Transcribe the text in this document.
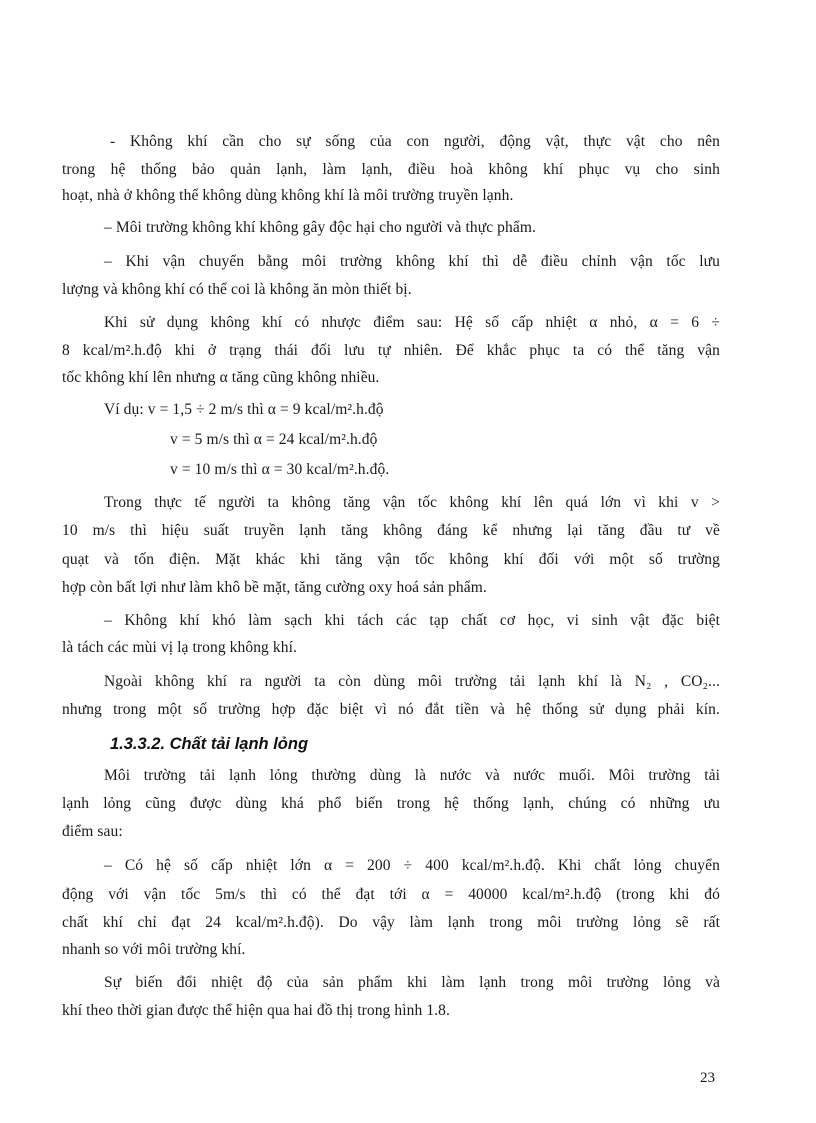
- Không khí cần cho sự sống của con người, động vật, thực vật cho nên
trong hệ thống bảo quản lạnh, làm lạnh, điều hoà không khí phục vụ cho sinh
hoạt, nhà ở không thể không dùng không khí là môi trường truyền lạnh.
– Môi trường không khí không gây độc hại cho người và thực phẩm.
– Khi vận chuyển bằng môi trường không khí thì dễ điều chỉnh vận tốc lưu
lượng và không khí có thể coi là không ăn mòn thiết bị.
Khi sử dụng không khí có nhược điểm sau: Hệ số cấp nhiệt α nhỏ, α = 6 ÷
8 kcal/m².h.độ khi ở trạng thái đối lưu tự nhiên. Để khắc phục ta có thể tăng vận
tốc không khí lên nhưng α tăng cũng không nhiều.
Ví dụ: v = 1,5 ÷ 2 m/s thì α = 9 kcal/m².h.độ
v = 5 m/s thì α = 24 kcal/m².h.độ
v = 10 m/s thì α = 30 kcal/m².h.độ.
Trong thực tế người ta không tăng vận tốc không khí lên quá lớn vì khi v >
10 m/s thì hiệu suất truyền lạnh tăng không đáng kể nhưng lại tăng đầu tư về
quạt và tốn điện. Mặt khác khi tăng vận tốc không khí đối với một số trường
hợp còn bất lợi như làm khô bề mặt, tăng cường oxy hoá sản phẩm.
– Không khí khó làm sạch khi tách các tạp chất cơ học, vi sinh vật đặc biệt
là tách các mùi vị lạ trong không khí.
Ngoài không khí ra người ta còn dùng môi trường tải lạnh khí là N₂ , CO₂...
nhưng trong một số trường hợp đặc biệt vì nó đắt tiền và hệ thống sử dụng phải kín.
Môi trường tải lạnh lỏng thường dùng là nước và nước muối. Môi trường tải
lạnh lỏng cũng được dùng khá phổ biến trong hệ thống lạnh, chúng có những ưu
điểm sau:
– Có hệ số cấp nhiệt lớn α = 200 ÷ 400 kcal/m².h.độ. Khi chất lỏng chuyển
động với vận tốc 5m/s thì có thể đạt tới α = 40000 kcal/m².h.độ (trong khi đó
chất khí chỉ đạt 24 kcal/m².h.độ). Do vậy làm lạnh trong môi trường lỏng sẽ rất
nhanh so với môi trường khí.
Sự biến đổi nhiệt độ của sản phẩm khi làm lạnh trong môi trường lỏng và
khí theo thời gian được thể hiện qua hai đồ thị trong hình 1.8.
1.3.3.2. Chất tải lạnh lỏng
23
